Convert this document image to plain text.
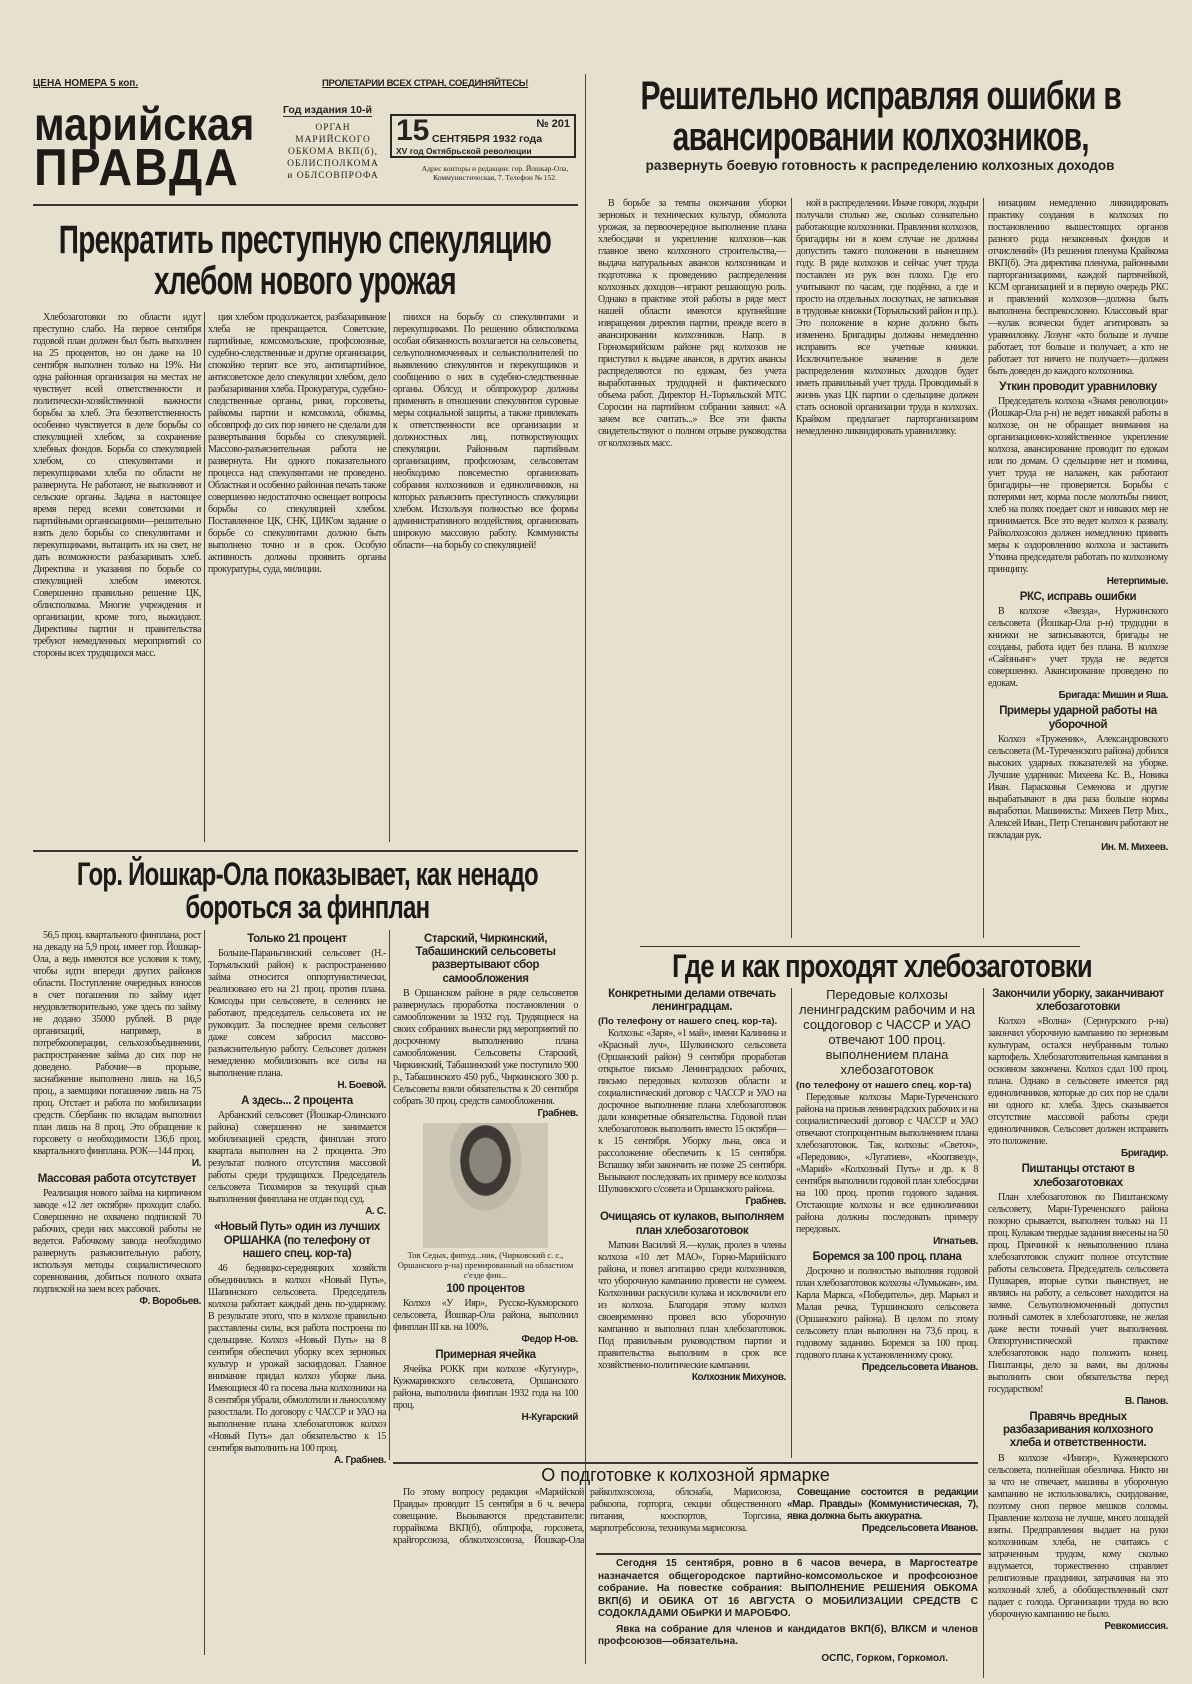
ЦЕНА НОМЕРА 5 коп.	ПРОЛЕТАРИИ ВСЕХ СТРАН, СОЕДИНЯЙТЕСЬ!
марийская
ПРАВДА
Год издания 10-й
ОРГАН МАРИЙСКОГО ОБКОМА ВКП(б), ОБЛИСПОЛКОМА и ОБЛСОВПРОФА
15	№ 201
СЕНТЯБРЯ 1932 года
XV год Октябрьской революции
Адрес конторы и редакции: гор. Йошкар-Ола, Коммунистическая, 7. Телефон № 152.
Решительно исправляя ошибки в авансировании колхозников,
развернуть боевую готовность к распределению колхозных доходов

В борьбе за темпы окончания уборки зерновых и технических культур, обмолота урожая, за первоочередное выполнение плана хлебосдачи и укрепление колхозов—как главное звено колхозного строительства,—выдача натуральных авансов колхозникам и подготовка к проведению распределения колхозных доходов—играют решающую роль. Однако в практике этой работы в ряде мест нашей области имеются крупнейшие извращения директив партии, прежде всего в авансировании колхозников. Напр. в Горномарийском районе ряд колхозов не приступил к выдаче авансов, в других авансы распределяются по едокам, без учета выработанных трудодней и фактического объема работ. Директор Н.-Торъяльской МТС Соросин на партийном собрании заявил: «А зачем все считать...» Все эти факты свидетельствуют о полном отрыве руководства от колхозных масс.

ной в распределении. Иначе говоря, лодыри получали столько же, сколько сознательно работающие колхозники. Правления колхозов, бригадиры ни в коем случае не должны допустить такого положения в нынешнем году. В ряде колхозов и сейчас учет труда поставлен из рук вон плохо. Где его учитывают по часам, где подённо, а где и просто на отдельных лоскутках, не записывая в трудовые книжки (Торъяльский район и пр.). Это положение в корне должно быть изменено. Бригадиры должны немедленно исправить все учетные книжки. Исключительное значение в деле распределения колхозных доходов будет иметь правильный учет труда. Проводимый в жизнь указ ЦК партии о сдельщине должен стать основой организации труда в колхозах. Крайком предлагает парторганизациям немедленно ликвидировать уравниловку.

низациям немедленно ликвидировать практику создания в колхозах по постановлению вышестоящих органов разного рода незаконных фондов и отчислений» (Из решения пленума Крайкома ВКП(б). Эта директива пленума, районными парторганизациями, каждой партячейкой, КСМ организацией и в первую очередь РКС и правлений колхозов—должна быть выполнена беспрекословно. Классовый враг—кулак всячески будет агитировать за уравниловку. Лозунг «кто больше и лучше работает, тот больше и получает, а кто не работает тот ничего не получает»—должен быть доведен до каждого колхозника.

Уткин проводит уравниловку

Председатель колхоза «Знамя революции» (Йошкар-Ола р-н) не ведет никакой работы в колхозе, он не обращает внимания на организационно-хозяйственное укрепление колхоза, авансирование проводит по едокам или по домам. О сдельщине нет и помина, учет труда не налажен, как работают бригадиры—не проверяется. Борьбы с потерями нет, корма после молотьбы гниют, хлеб на полях поедает скот и никаких мер не принимается. Все это ведет колхоз к развалу. Райколхозсоюз должен немедленно принять меры к оздоровлению колхоза и заставить Уткина председателя работать по колхозному принципу.

Нетерпимые.
РКС, исправь ошибки

В колхозе «Звезда», Нуржинского сельсовета (Йошкар-Ола р-н) трудодни в книжки не записываются, бригады не созданы, работа идет без плана. В колхозе «Сайзнынг» учет труда не ведется совершенно. Авансирование проведено по едокам.

Бригада: Мишин и Яша.
Примеры ударной работы на уборочной

Колхоз «Труженик», Александровского сельсовета (М.-Туреченского района) добился высоких ударных показателей на уборке. Лучшие ударники: Михеева Кс. В., Новика Иван. Парасковья Семенова и другие вырабатывают в два раза больше нормы выработки. Машинисты: Михеев Петр Мих., Алексей Иван., Петр Степанович работают не покладая рук.

Ин. М. Михеев.
Прекратить преступную спекуляцию хлебом нового урожая

Хлебозаготовки по области идут преступно слабо. На первое сентября годовой план должен был быть выполнен на 25 процентов, но он даже на 10 сентября выполнен только на 19%. Ни одна районная организация на местах не чувствует всей ответственности и политически-хозяйственной важности борьбы за хлеб. Эта безответственность особенно чувствуется в деле борьбы со спекуляцией хлебом, за сохранение хлебных фондов. Борьба со спекуляцией хлебом, со спекулянтами и перекупщиками хлеба по области не развернута. Не работают, не выполняют и сельские органы. Задача в настоящее время перед всеми советскими и партийными организациями—решительно взять дело борьбы со спекулянтами и перекупщиками, вытащить их на свет, не дать возможности разбазаривать хлеб. Директива и указания по борьбе со спекуляцией хлебом имеются. Совершенно правильно решение ЦК, облисполкома. Многие учреждения и организации, кроме того, выжидают. Директивы партии и правительства требуют немедленных мероприятий со стороны всех трудящихся масс.

ция хлебом продолжается, разбазаривание хлеба не прекращается. Советские, партийные, комсомольские, профсоюзные, судебно-следственные и другие организации, спокойно терпят все это, антипартийное, антисоветское дело спекуляции хлебом, дело разбазаривания хлеба. Прокуратура, судебно-следственные органы, рики, горсоветы, райкомы партии и комсомола, обкомы, обсовпроф до сих пор ничего не сделали для развертывания борьбы со спекуляцией. Массово-разъяснительная работа не развернута. Ни одного показательного процесса над спекулянтами не проведено. Областная и особенно районная печать также совершенно недостаточно освещает вопросы борьбы со спекуляцией хлебом. Поставленное ЦК, СНК, ЦИК'ом задание о борьбе со спекулянтами должно быть выполнено точно и в срок. Особую активность должны проявить органы прокуратуры, суда, милиции.

пиихся на борьбу со спекулянтами и перекупщиками. По решению облисполкома особая обязанность возлагается на сельсоветы, сельуполномоченных и сельисполнителей по выявлению спекулянтов и перекупщиков и сообщению о них в судебно-следственные органы. Облсуд и облпрокурор должны применять в отношении спекулянтов суровые меры социальной защиты, а также привлекать к ответственности все организации и должностных лиц, потворствующих спекуляции. Районным партийным организациям, профсоюзам, сельсоветам необходимо повсеместно организовать собрания колхозников и единоличников, на которых разъяснить преступность спекуляции хлебом. Используя полностью все формы административного воздействия, организовать широкую массовую работу. Коммунисты области—на борьбу со спекуляцией!

Гор. Йошкар-Ола показывает, как ненадо бороться за финплан

56,5 проц. квартального финплана, рост на декаду на 5,9 проц. имеет гор. Йошкар-Ола, а ведь имеются все условия к тому, чтобы идти впереди других районов области. Поступление очередных взносов в счет погашения по займу идет неудовлетворительно, уже здесь по займу не додано 35000 рублей. В ряде организаций, например, в потребкооперации, сельхозобъединении, распространение займа до сих пор не доведено. Рабочие—в прорыве, заснабжение выполнено лишь на 16,5 проц., а заемщики погашение лишь на 75 проц. Отстает и работа по мобилизации средств. Сбербанк по вкладам выполнил план лишь на 8 проц. Это обращение к горсовету о необходимости 136,6 проц. квартального финплана. РОК—144 проц.

И.
Массовая работа отсутствует

Реализация нового займа на кирпичном заводе «12 лет октября» проходит слабо. Совершенно не охвачено подпиской 70 рабочих, среди них массовой работы не ведется. Рабочкому завода необходимо развернуть разъяснительную работу, используя методы социалистического соревнования, добиться полного охвата подпиской на заем всех рабочих.

Ф. Воробьев.
Только 21 процент

Больше-Параньгинский сельсовет (Н.-Торъяльский район) к распространению займа относится оппортунистически, реализовано его на 21 проц. против плана. Комсоды при сельсовете, в селениях не работают, председатель сельсовета их не руководит. За последнее время сельсовет даже совсем забросил массово-разъяснительную работу. Сельсовет должен немедленно мобилизовать все силы на выполнение плана.

Н. Боевой.
А здесь... 2 процента

Арбанский сельсовет (Йошкар-Олинского района) совершенно не занимается мобилизацией средств, финплан этого квартала выполнен на 2 процента. Это результат полного отсутствия массовой работы среди трудящихся. Председатель сельсовета Тихомиров за текущий срыв выполнения финплана не отдан под суд.

А. С.
«Новый Путь» один из лучших ОРШАНКА (по телефону от нашего спец. кор-та)

46 бедняцко-середняцких хозяйств объединились в колхоз «Новый Путь», Шапинского сельсовета. Председатель колхоза работает каждый день по-ударному. В результате этого, что в колхозе правильно расставлены силы, вся работа построена по сдельщине. Колхоз «Новый Путь» на 8 сентября обеспечил уборку всех зерновых культур и урожай заскирдовал. Главное внимание придал колхоз уборке льна. Имеющиеся 40 га посева льна колхозники на 8 сентября убрали, обмолотили и льносолому разостлали. По договору с ЧАССР и УАО на выполнение плана хлебозаготовок колхоз «Новый Путь» дал обязательство к 15 сентября выполнить на 100 проц.

А. Грабнев.
Старский, Чиркинский, Табашинский сельсоветы развертывают сбор самообложения

В Оршанском районе в ряде сельсоветов развернулась проработка постановления о самообложении за 1932 год. Трудящиеся на своих собраниях вынесли ряд мероприятий по досрочному выполнению плана самообложения. Сельсоветы Старский, Чиркинский, Табашинский уже поступило 900 р., Табашинского 450 руб., Чиркинского 300 р. Сельсоветы взяли обязательства к 20 сентября собрать 30 проц. средств самообложения.

Грабнев.
Тов Седых, фиmуд...ник, (Чирковский с. с., Оршанского р-на) премированный на областном с'езде фин...
100 процентов

Колхоз «У Ияр», Русско-Кукморского сельсовета, Йошкар-Ола района, выполнил финплан III кв. на 100%.

Федор Н-ов.
Примерная ячейка

Ячейка РОКК при колхозе «Кугунур», Кужмаринского сельсовета, Оршанского района, выполнила финплан 1932 года на 100 проц.

Н-Кугарский
Где и как проходят хлебозаготовки
Конкретными делами отвечать ленинградцам.
(По телефону от нашего спец. кор-та).

Колхозы: «Заря», «1 май», имени Калинина и «Красный луч», Шулкинского сельсовета (Оршанский район) 9 сентября проработав открытое письмо Ленинградских рабочих, письмо передовых колхозов области и социалистический договор с ЧАССР и УАО на досрочное выполнение плана хлебозаготовок дали конкретные обязательства. Годовой план хлебозаготовок выполнить вместо 15 октября—к 15 сентября. Уборку льна, овса и рассоложение обеспечить к 15 сентября. Вспашку зяби закончить не позже 25 сентября. Вызывают последовать их примеру все колхозы Шулкинского с/совета и Оршанского района.

Грабнев.
Очищаясь от кулаков, выполняем план хлебозаготовок

Маткин Василий Я.—кулак, пролез в члены колхоза «10 лет МАО», Горно-Марийского района, и повел агитацию среди колхозников, что уборочную кампанию провести не сумеем. Колхозники раскусили кулака и исключили его из колхоза. Благодаря этому колхоз своевременно провел всю уборочную кампанию и выполнил план хлебозаготовок. Под правильным руководством партии и правительства выполним в срок все хозяйственно-политические кампании.

Колхозник Михунов.
Передовые колхозы ленинградским рабочим и на соцдоговор с ЧАССР и УАО отвечают 100 проц. выполнением плана хлебозаготовок
(по телефону от нашего спец. кор-та)

Передовые колхозы Мари-Туреченского района на призыв ленинградских рабочих и на социалистический договор с ЧАССР и УАО отвечают стопроцентным выполнением плана хлебозаготовок. Так, колхозы: «Светоч», «Передовик», «Лугатиев», «Коопзвезд», «Марий» «Колхозный Путь» и др. к 8 сентября выполнили годовой план хлебосдачи на 100 проц. против годового задания. Отстающие колхозы и все единоличники района должны последовать примеру передовых.

Игнатьев.
Боремся за 100 проц. плана

Досрочно и полностью выполняя годовой план хлебозаготовок колхозы «Лумыжан», им. Карла Маркса, «Победитель», дер. Марьял и Малая речка, Туршинского сельсовета (Оршанского района). В целом по этому сельсовету план выполнен на 73,6 проц. к годовому заданию. Боремся за 100 проц. годового плана к установленному сроку.

Предсельсовета Иванов.
Закончили уборку, заканчивают хлебозаготовки

Колхоз «Волна» (Сернурского р-на) закончил уборочную кампанию по зерновым культурам, остался неубранным только картофель. Хлебозаготовительная кампания в основном закончена. Колхоз сдал 100 проц. плана. Однако в сельсовете имеется ряд единоличников, которые до сих пор не сдали ни одного кг. хлеба. Здесь сказывается отсутствие массовой работы среди единоличников. Сельсовет должен исправить это положение.

Бригадир.
Пиштанцы отстают в хлебозаготовках

План хлебозаготовок по Пиштанскому сельсовету, Мари-Туреченского района позорно срывается, выполнен только на 11 проц. Кулакам твердые задания внесены на 50 проц. Причиной к невыполнению плана хлебозаготовок служит полное отсутствие работы сельсовета. Председатель сельсовета Пушкарев, вторые сутки пьянствует, не являясь на работу, а сельсовет находится на замке. Сельуполномоченный допустил полный самотек в хлебозаготовке, не желая даже вести точный учет выполнения. Оппортунистической практике хлебозаготовок надо положить конец. Пиштанцы, дело за вами, вы должны выполнить свои обязательства перед государством!

В. Панов.
Правячь вредных разбазаривания колхозного хлеба и ответственности.

В колхозе «Иниэр», Куженерского сельсовета, полнейшая обезличка. Никто ни за что не отвечает, машины в уборочную кампанию не использовались, скирдование, поэтому сноп первое мешков соломы. Правление колхоза не лучше, много лошадей взяты. Предправления выдает на руки колхозникам хлеба, не считаясь с затраченным трудом, кому сколько вздумается, торжественно справляет религиозные праздники, затрачивая на это колхозный хлеб, а обобществленный скот падает с голода. Организации труда во всю уборочную кампанию не было.

Ревкомиссия.
О подготовке к колхозной ярмарке

По этому вопросу редакция «Марийской Правды» проводит 15 сентября в 6 ч. вечера совещание. Вызываются представители: горрайкома ВКП(б), облпрофа, горсовета, крайгорсоюза, облколхозсоюза, Йошкар-Ола райколхозсоюза, облснаба, Марисоюза, рабкоопа, горторга, секции общественного питания, кооспортов, Торгсина, марпотребсоюза, техникума марисоюза.

Совещание состоится в редакции «Мар. Правды» (Коммунистическая, 7), явка должна быть аккуратна.

Предсельсовета Иванов.

Сегодня 15 сентября, ровно в 6 часов вечера, в Маргостеатре назначается общегородское партийно-комсомольское и профсоюзное собрание. На повестке собрания: ВЫПОЛНЕНИЕ РЕШЕНИЯ ОБКОМА ВКП(б) И ОБИКА ОТ 16 АВГУСТА О МОБИЛИЗАЦИИ СРЕДСТВ С СОДОКЛАДАМИ ОБиРКИ И МАРОБФО.

Явка на собрание для членов и кандидатов ВКП(б), ВЛКСМ и членов профсоюзов—обязательна.

ОСПС, Горком, Горкомол.
